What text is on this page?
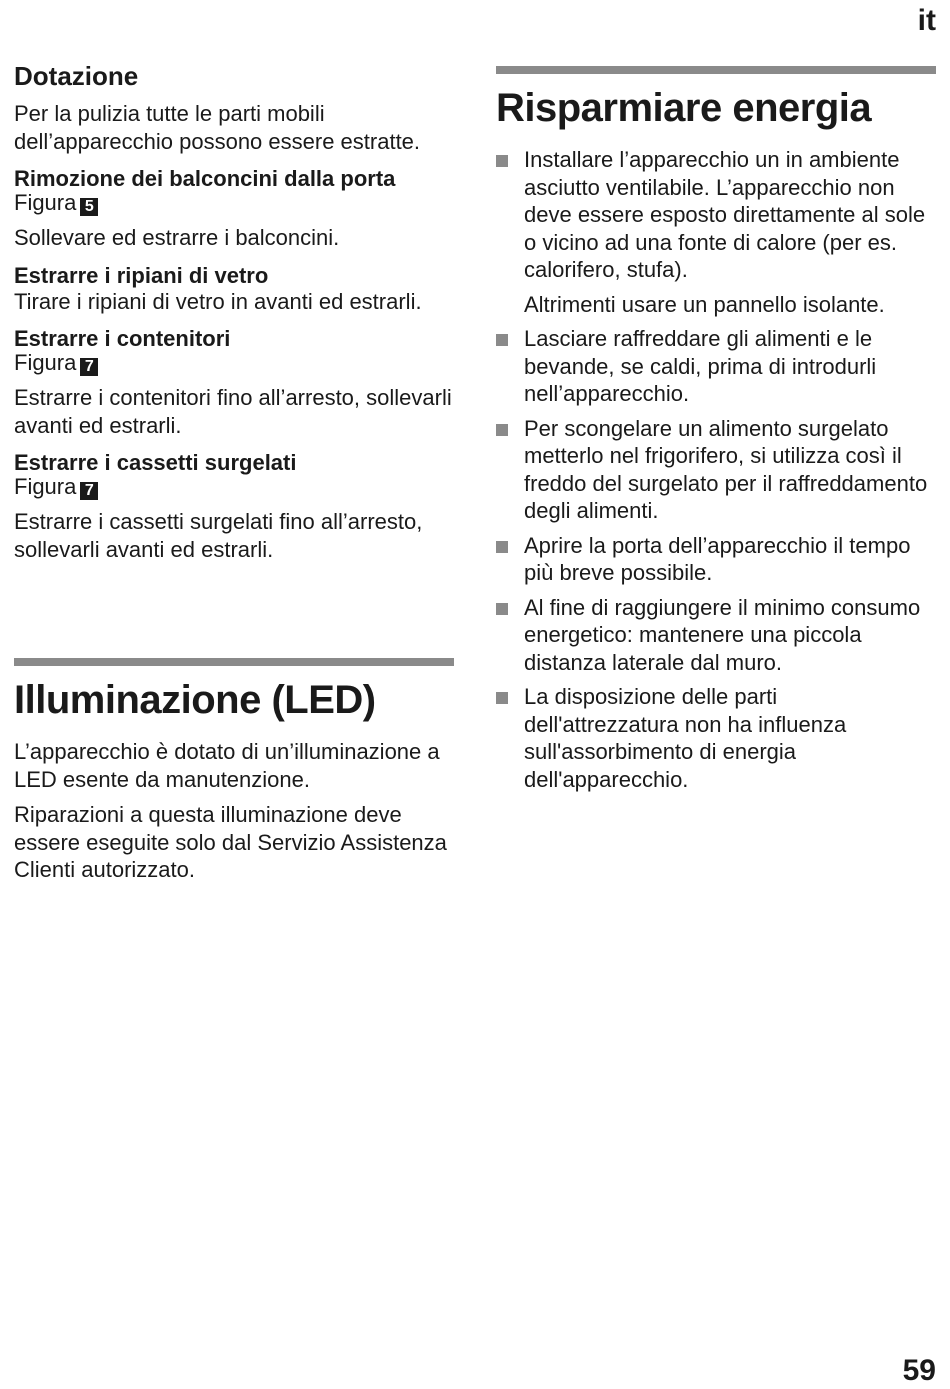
it
Dotazione

Per la pulizia tutte le parti mobili dell’apparecchio possono essere estratte.

Rimozione dei balconcini dalla porta
Figura 5

Sollevare ed estrarre i balconcini.

Estrarre i ripiani di vetro

Tirare i ripiani di vetro in avanti ed estrarli.

Estrarre i contenitori
Figura 7

Estrarre i contenitori fino all’arresto, sollevarli avanti ed estrarli.

Estrarre i cassetti surgelati
Figura 7

Estrarre i cassetti surgelati fino all’arresto, sollevarli avanti ed estrarli.

Illuminazione (LED)

L’apparecchio è dotato di un’illuminazione a LED esente da manutenzione.

Riparazioni a questa illuminazione deve essere eseguite solo dal Servizio Assistenza Clienti autorizzato.

Risparmiare energia

Installare l’apparecchio un in ambiente asciutto ventilabile. L’apparecchio non deve essere esposto direttamente al sole o vicino ad una fonte di calore (per es. calorifero, stufa).

Altrimenti usare un pannello isolante.

Lasciare raffreddare gli alimenti e le bevande, se caldi, prima di introdurli nell’apparecchio.

Per scongelare un alimento surgelato metterlo nel frigorifero, si utilizza così il freddo del surgelato per il raffreddamento degli alimenti.

Aprire la porta dell’apparecchio il tempo più breve possibile.

Al fine di raggiungere il minimo consumo energetico: mantenere una piccola distanza laterale dal muro.

La disposizione delle parti dell'attrezzatura non ha influenza sull'assorbimento di energia dell'apparecchio.

59
